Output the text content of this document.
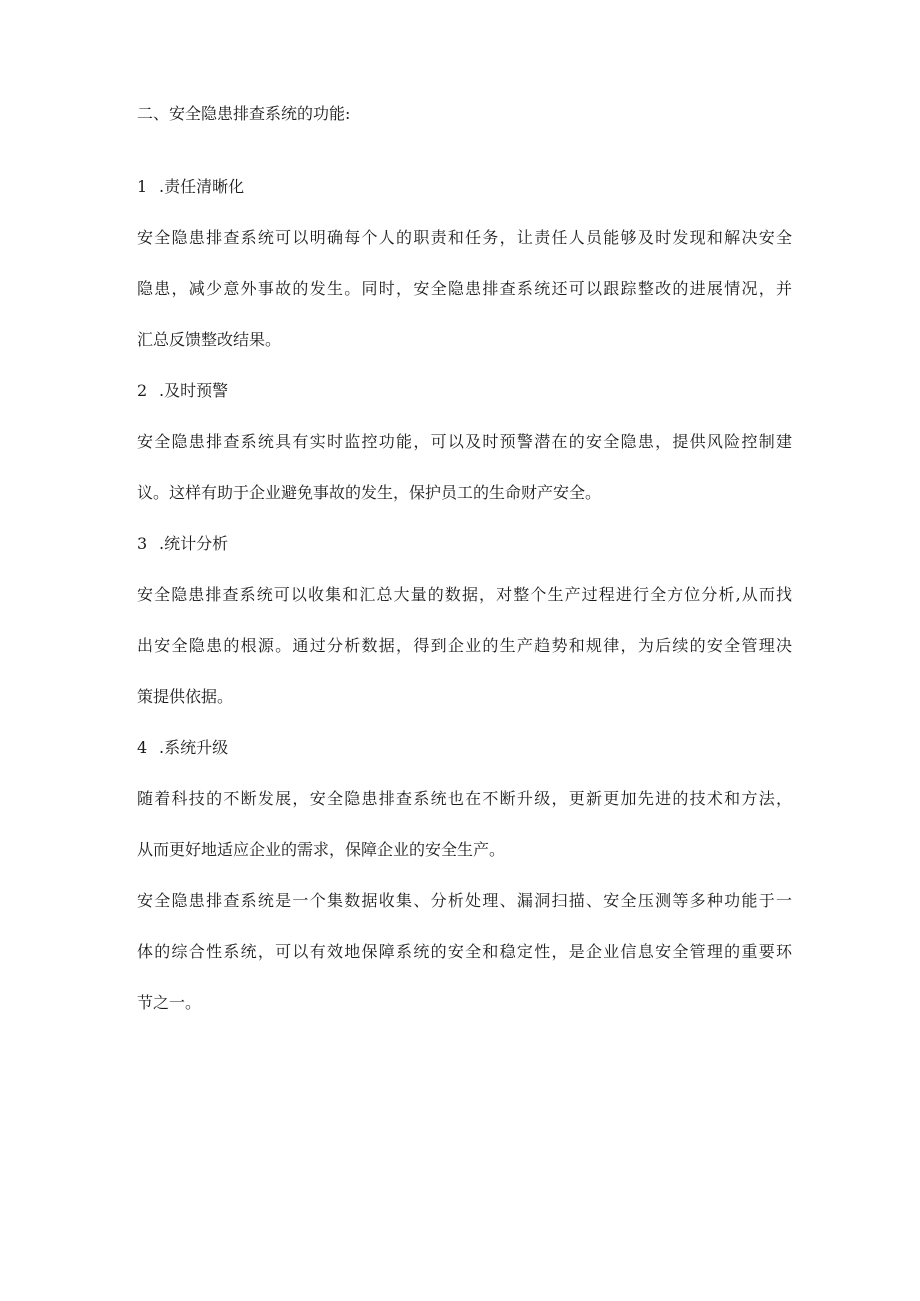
二、安全隐患排查系统的功能:
1 .责任清晰化
安全隐患排查系统可以明确每个人的职责和任务，让责任人员能够及时发现和解决安全
隐患，减少意外事故的发生。同时，安全隐患排查系统还可以跟踪整改的进展情况，并
汇总反馈整改结果。
2 .及时预警
安全隐患排查系统具有实时监控功能，可以及时预警潜在的安全隐患，提供风险控制建
议。这样有助于企业避免事故的发生，保护员工的生命财产安全。
3 .统计分析
安全隐患排查系统可以收集和汇总大量的数据，对整个生产过程进行全方位分析,从而找
出安全隐患的根源。通过分析数据，得到企业的生产趋势和规律，为后续的安全管理决
策提供依据。
4 .系统升级
随着科技的不断发展，安全隐患排查系统也在不断升级，更新更加先进的技术和方法，
从而更好地适应企业的需求，保障企业的安全生产。
安全隐患排查系统是一个集数据收集、分析处理、漏洞扫描、安全压测等多种功能于一
体的综合性系统，可以有效地保障系统的安全和稳定性，是企业信息安全管理的重要环
节之一。
